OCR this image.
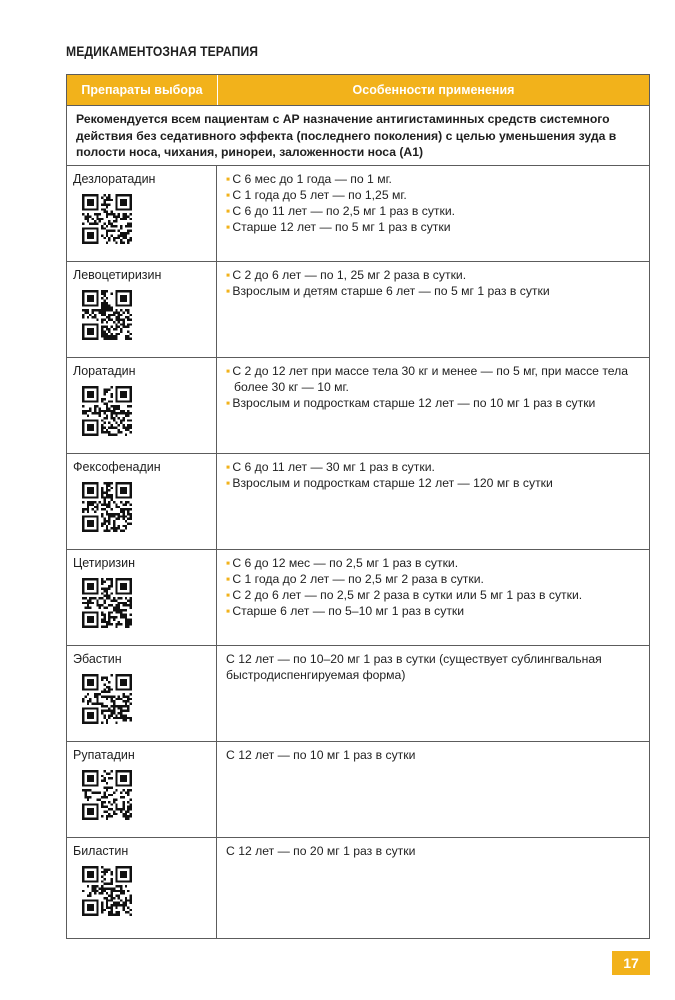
МЕДИКАМЕНТОЗНАЯ ТЕРАПИЯ
Препараты выбора	Особенности применения
Рекомендуется всем пациентам с АР назначение антигистаминных средств системного действия без седативного эффекта (последнего поколения) с целью уменьшения зуда в полости носа, чихания, ринореи, заложенности носа (А1)
Дезлоратадин	▪ С 6 мес до 1 года — по 1 мг.
▪ С 1 года до 5 лет — по 1,25 мг.
▪ С 6 до 11 лет — по 2,5 мг 1 раз в сутки.
▪ Старше 12 лет — по 5 мг 1 раз в сутки
Левоцетиризин	▪ С 2 до 6 лет — по 1, 25 мг 2 раза в сутки.
▪ Взрослым и детям старше 6 лет — по 5 мг 1 раз в сутки
Лоратадин	▪ С 2 до 12 лет при массе тела 30 кг и менее — по 5 мг, при массе тела более 30 кг — 10 мг.
▪ Взрослым и подросткам старше 12 лет — по 10 мг 1 раз в сутки
Фексофенадин	▪ С 6 до 11 лет — 30 мг 1 раз в сутки.
▪ Взрослым и подросткам старше 12 лет — 120 мг в сутки
Цетиризин	▪ С 6 до 12 мес — по 2,5 мг 1 раз в сутки.
▪ С 1 года до 2 лет — по 2,5 мг 2 раза в сутки.
▪ С 2 до 6 лет — по 2,5 мг 2 раза в сутки или 5 мг 1 раз в сутки.
▪ Старше 6 лет — по 5–10 мг 1 раз в сутки
Эбастин	С 12 лет — по 10–20 мг 1 раз в сутки (существует сублингвальная быстродиспенгируемая форма)
Рупатадин	С 12 лет — по 10 мг 1 раз в сутки
Биластин	С 12 лет — по 20 мг 1 раз в сутки
17
